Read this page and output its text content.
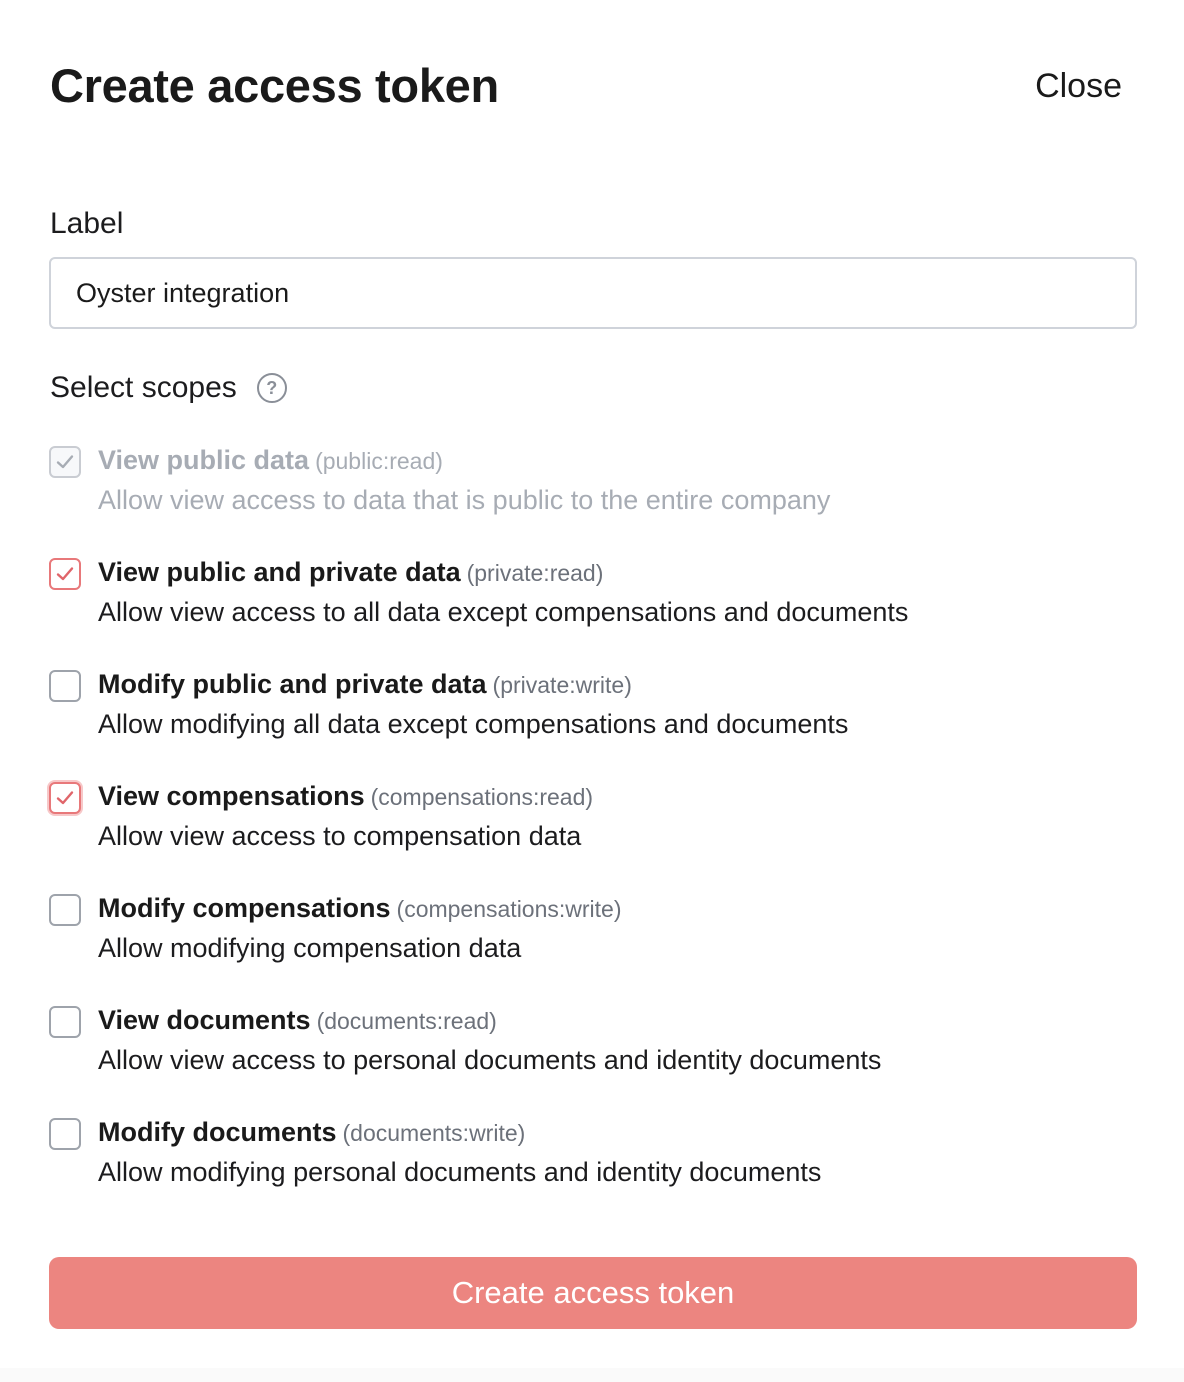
Create access token	Close
Label
Oyster integration
Select scopes	?
View public data (public:read)
Allow view access to data that is public to the entire company
View public and private data (private:read)
Allow view access to all data except compensations and documents
Modify public and private data (private:write)
Allow modifying all data except compensations and documents
View compensations (compensations:read)
Allow view access to compensation data
Modify compensations (compensations:write)
Allow modifying compensation data
View documents (documents:read)
Allow view access to personal documents and identity documents
Modify documents (documents:write)
Allow modifying personal documents and identity documents
Create access token
